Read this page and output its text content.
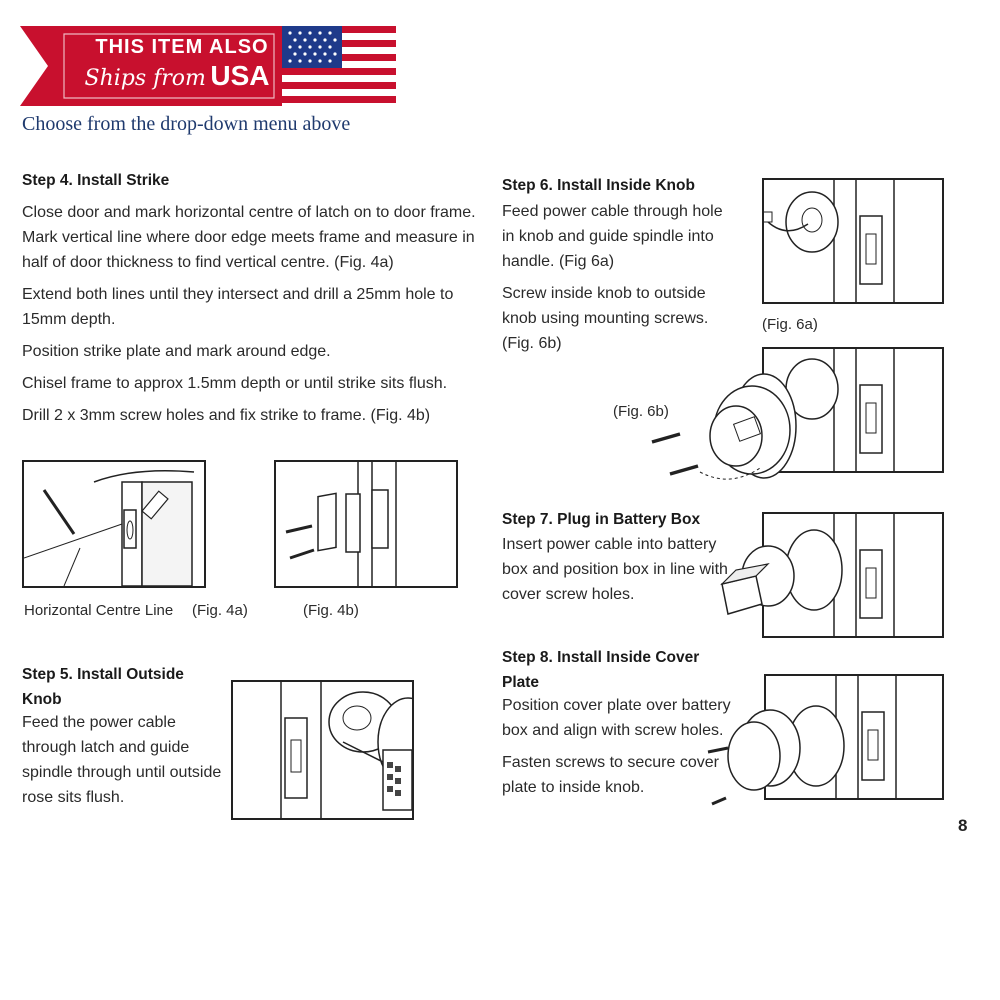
THIS ITEM ALSO
Ships from USA
Choose from the drop-down menu above
Step 4. Install Strike

Close door and mark horizontal centre of latch on to door frame. Mark vertical line where door edge meets frame and measure in half of door thickness to find vertical centre. (Fig. 4a)

Extend both lines until they intersect and drill a 25mm hole to 15mm depth.

Position strike plate and mark around edge.

Chisel frame to approx 1.5mm depth or until strike sits flush.

Drill 2 x 3mm screw holes and fix strike to frame. (Fig. 4b)

Horizontal Centre Line (Fig. 4a)	(Fig. 4b)
Step 5. Install Outside Knob
Feed the power cable through latch and guide spindle through until outside rose sits flush.
Step 6. Install Inside Knob

Feed power cable through hole in knob and guide spindle into handle. (Fig 6a)

Screw inside knob to outside knob using mounting screws. (Fig. 6b)

(Fig. 6a)
(Fig. 6b)
Step 7. Plug in Battery Box
Insert power cable into battery box and position box in line with cover screw holes.
Step 8. Install Inside Cover Plate

Position cover plate over battery box and align with screw holes.

Fasten screws to secure cover plate to inside knob.

8
